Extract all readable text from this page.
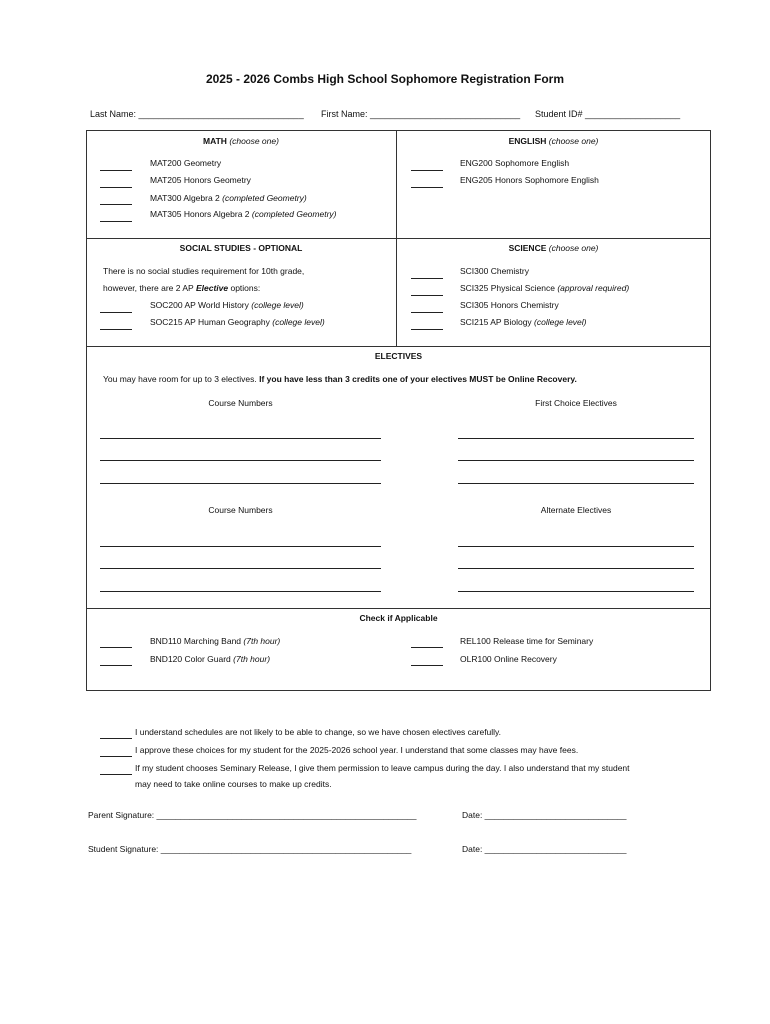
2025 - 2026 Combs High School Sophomore Registration Form
Last Name: _________________________________ First Name: ______________________________ Student ID# ___________________
MATH (choose one)
MAT200 Geometry
MAT205 Honors Geometry
MAT300 Algebra 2 (completed Geometry)
MAT305 Honors Algebra 2 (completed Geometry)
ENGLISH (choose one)
ENG200 Sophomore English
ENG205 Honors Sophomore English
SOCIAL STUDIES - OPTIONAL
There is no social studies requirement for 10th grade,
however, there are 2 AP Elective options:
SOC200 AP World History (college level)
SOC215 AP Human Geography (college level)
SCIENCE (choose one)
SCI300 Chemistry
SCI325 Physical Science (approval required)
SCI305 Honors Chemistry
SCI215 AP Biology (college level)
ELECTIVES
You may have room for up to 3 electives. If you have less than 3 credits one of your electives MUST be Online Recovery.
Course Numbers	First Choice Electives
Course Numbers	Alternate Electives
Check if Applicable
BND110 Marching Band (7th hour)
BND120 Color Guard (7th hour)
REL100 Release time for Seminary
OLR100 Online Recovery
I understand schedules are not likely to be able to change, so we have chosen electives carefully.
I approve these choices for my student for the 2025-2026 school year. I understand that some classes may have fees.
If my student chooses Seminary Release, I give them permission to leave campus during the day. I also understand that my student
may need to take online courses to make up credits.
Parent Signature: _______________________________________________________	Date: ______________________________
Student Signature: _____________________________________________________	Date: ______________________________
